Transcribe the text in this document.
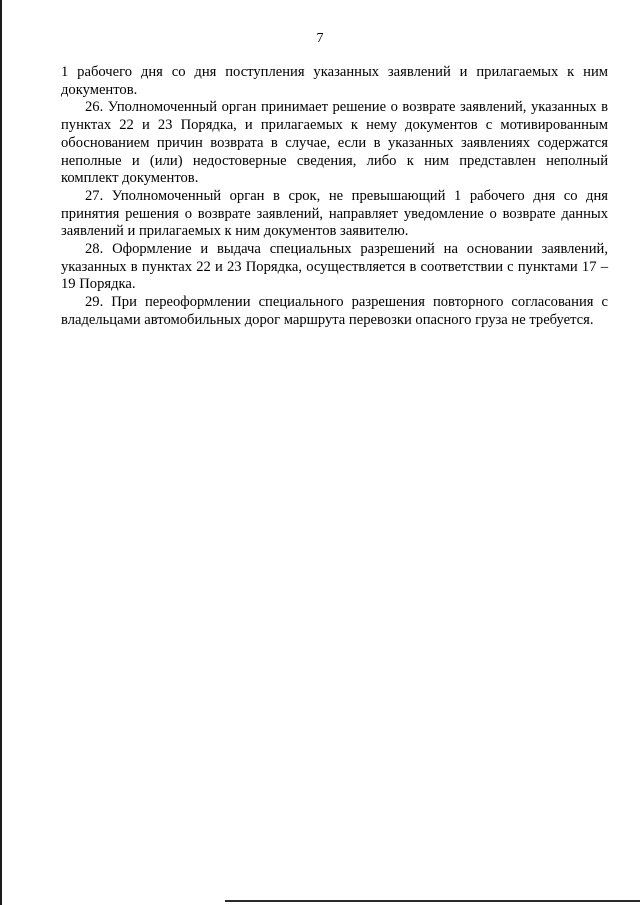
7

1 рабочего дня со дня поступления указанных заявлений и прилагаемых к ним документов.

26. Уполномоченный орган принимает решение о возврате заявлений, указанных в пунктах 22 и 23 Порядка, и прилагаемых к нему документов с мотивированным обоснованием причин возврата в случае, если в указанных заявлениях содержатся неполные и (или) недостоверные сведения, либо к ним представлен неполный комплект документов.

27. Уполномоченный орган в срок, не превышающий 1 рабочего дня со дня принятия решения о возврате заявлений, направляет уведомление о возврате данных заявлений и прилагаемых к ним документов заявителю.

28. Оформление и выдача специальных разрешений на основании заявлений, указанных в пунктах 22 и 23 Порядка, осуществляется в соответствии с пунктами 17 – 19 Порядка.

29. При переоформлении специального разрешения повторного согласования с владельцами автомобильных дорог маршрута перевозки опасного груза не требуется.
